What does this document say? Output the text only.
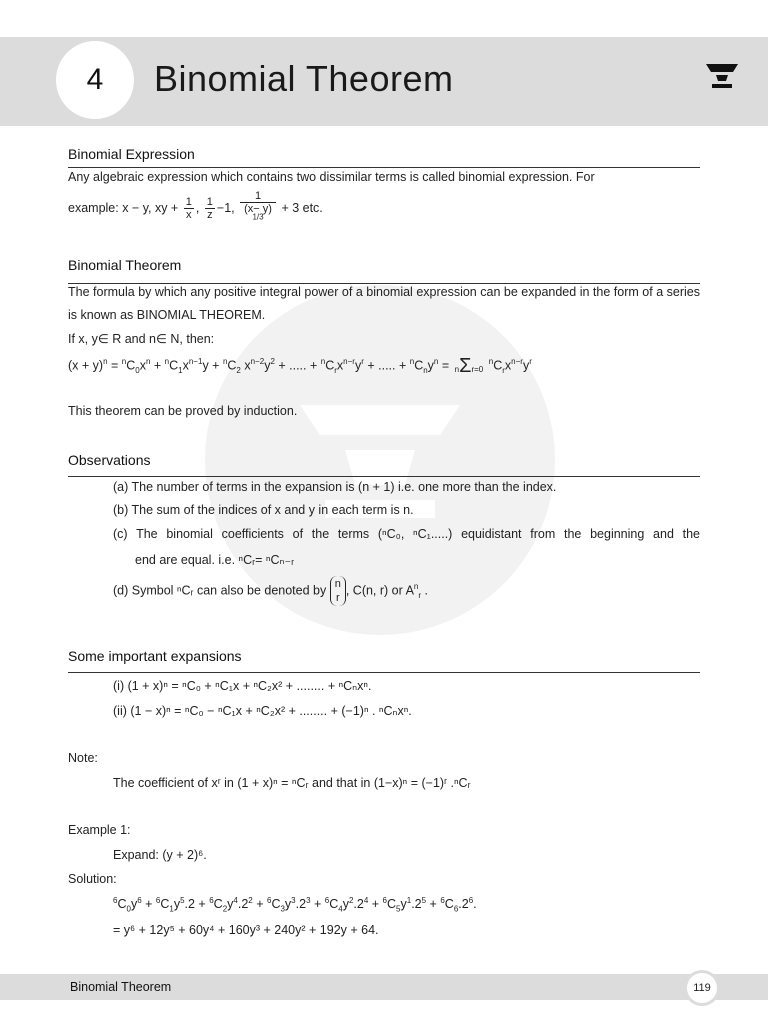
4	Binomial Theorem
Binomial Expression
Any algebraic expression which contains two dissimilar terms is called binomial expression. For
example: x − y, xy + $\frac{1}{x}$ , $\frac{1}{z} -1$, 1
(x− y)
$^{1/3}$ + 3 etc.
Binomial Theorem
The formula by which any positive integral power of a binomial expression can be expanded in the form of a series is known as BINOMIAL THEOREM.
If x, y∈ R and n∈ N, then:
$(x + y)^n = ^nC_0x^n + ^nC_1x^{n-1}y + ^nC_2$ $x^{n-2}y^2$ + ..... + $^nC_rx^{n-r}y^r$ + ..... + $^nC_ny^n = n\Sigma r=0$ $^nC_rx^{n-r}y^r$
This theorem can be proved by induction.
Observations
(a) The number of terms in the expansion is (n + 1) i.e. one more than the index.
(b) The sum of the indices of x and y in each term is n.
(c) The binomial coefficients of the terms (ⁿC₀, ⁿC₁.....) equidistant from the beginning and the
end are equal. i.e. ⁿCᵣ= ⁿCₙ₋ᵣ
(d) Symbol ⁿCᵣ can also be denoted by n
r, C(n, r) or $A^n_r$ .
Some important expansions
(i) (1 + x)ⁿ = ⁿC₀ + ⁿC₁x + ⁿC₂x² + ........ + ⁿCₙxⁿ.
(ii) (1 − x)ⁿ = ⁿC₀ − ⁿC₁x + ⁿC₂x² + ........ + (−1)ⁿ . ⁿCₙxⁿ.
Note:
The coefficient of xʳ in (1 + x)ⁿ = ⁿCᵣ and that in (1−x)ⁿ = (−1)ʳ .ⁿCᵣ
Example 1:
Expand: (y + 2)⁶.
Solution:
$^6C_0y^6 + ^6C_1y^5.2 + ^6C_2y^4.2^2 + ^6C_3y^3.2^3 + ^6C_4y^2.2^4 + ^6C_5y^1.2^5 + ^6C_6.2^6$.
= y⁶ + 12y⁵ + 60y⁴ + 160y³ + 240y² + 192y + 64.
Binomial Theorem	119
